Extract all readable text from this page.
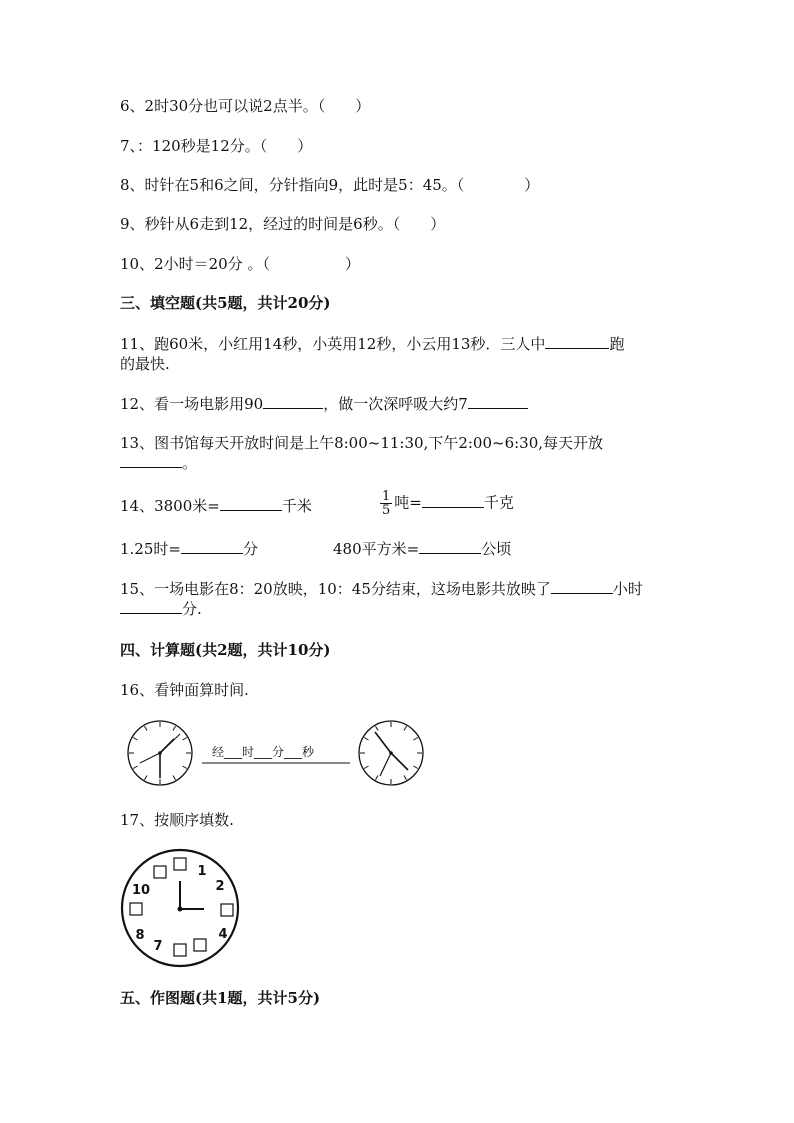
6、2时30分也可以说2点半。（　　）
7、：120秒是12分。（　　）
8、时针在5和6之间，分针指向9，此时是5：45。（　　　　）
9、秒针从6走到12，经过的时间是6秒。（　　）
10、2小时＝20分 。（　　　　　）
三、填空题(共5题，共计20分)
11、跑60米，小红用14秒，小英用12秒，小云用13秒．三人中	跑
的最快.
12、看一场电影用90	，做一次深呼吸大约7
13、图书馆每天开放时间是上午8:00~11:30,下午2:00~6:30,每天开放
。
14、3800米=	千米	$\frac{1}{5}$ 吨=	千克
1.25时=	分	480平方米=	公顷
15、一场电影在8：20放映，10：45分结束，这场电影共放映了	小时
分.
四、计算题(共2题，共计10分)
16、看钟面算时间.
经___时___分___秒
17、按顺序填数.
1
2
4
7
8
10
五、作图题(共1题，共计5分)
